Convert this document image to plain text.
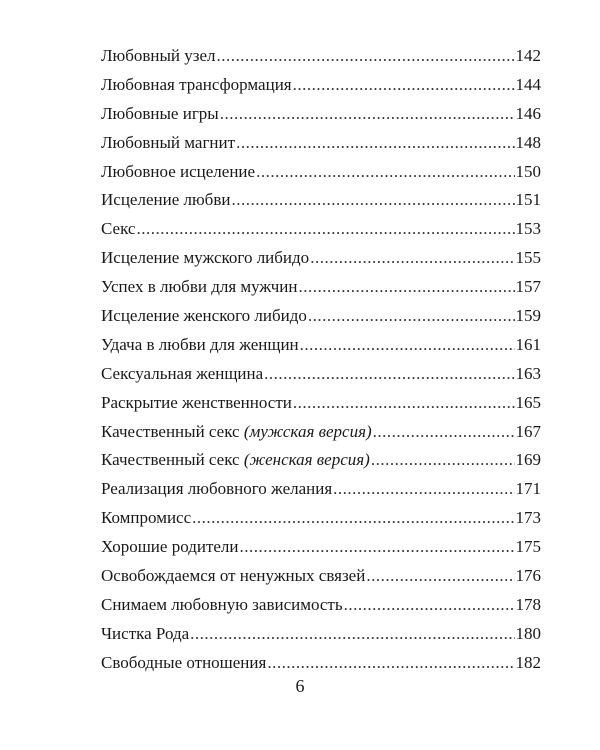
Любовный узел .....	142
Любовная трансформация .....	144
Любовные игры .....	146
Любовный магнит .....	148
Любовное исцеление .....	150
Исцеление любви .....	151
Секс .....	153
Исцеление мужского либидо .....	155
Успех в любви для мужчин .....	157
Исцеление женского либидо .....	159
Удача в любви для женщин .....	161
Сексуальная женщина .....	163
Раскрытие женственности .....	165
Качественный секс (мужская версия) .....	167
Качественный секс (женская версия) .....	169
Реализация любовного желания .....	171
Компромисс .....	173
Хорошие родители .....	175
Освобождаемся от ненужных связей .....	176
Снимаем любовную зависимость .....	178
Чистка Рода .....	180
Свободные отношения .....	182
6
